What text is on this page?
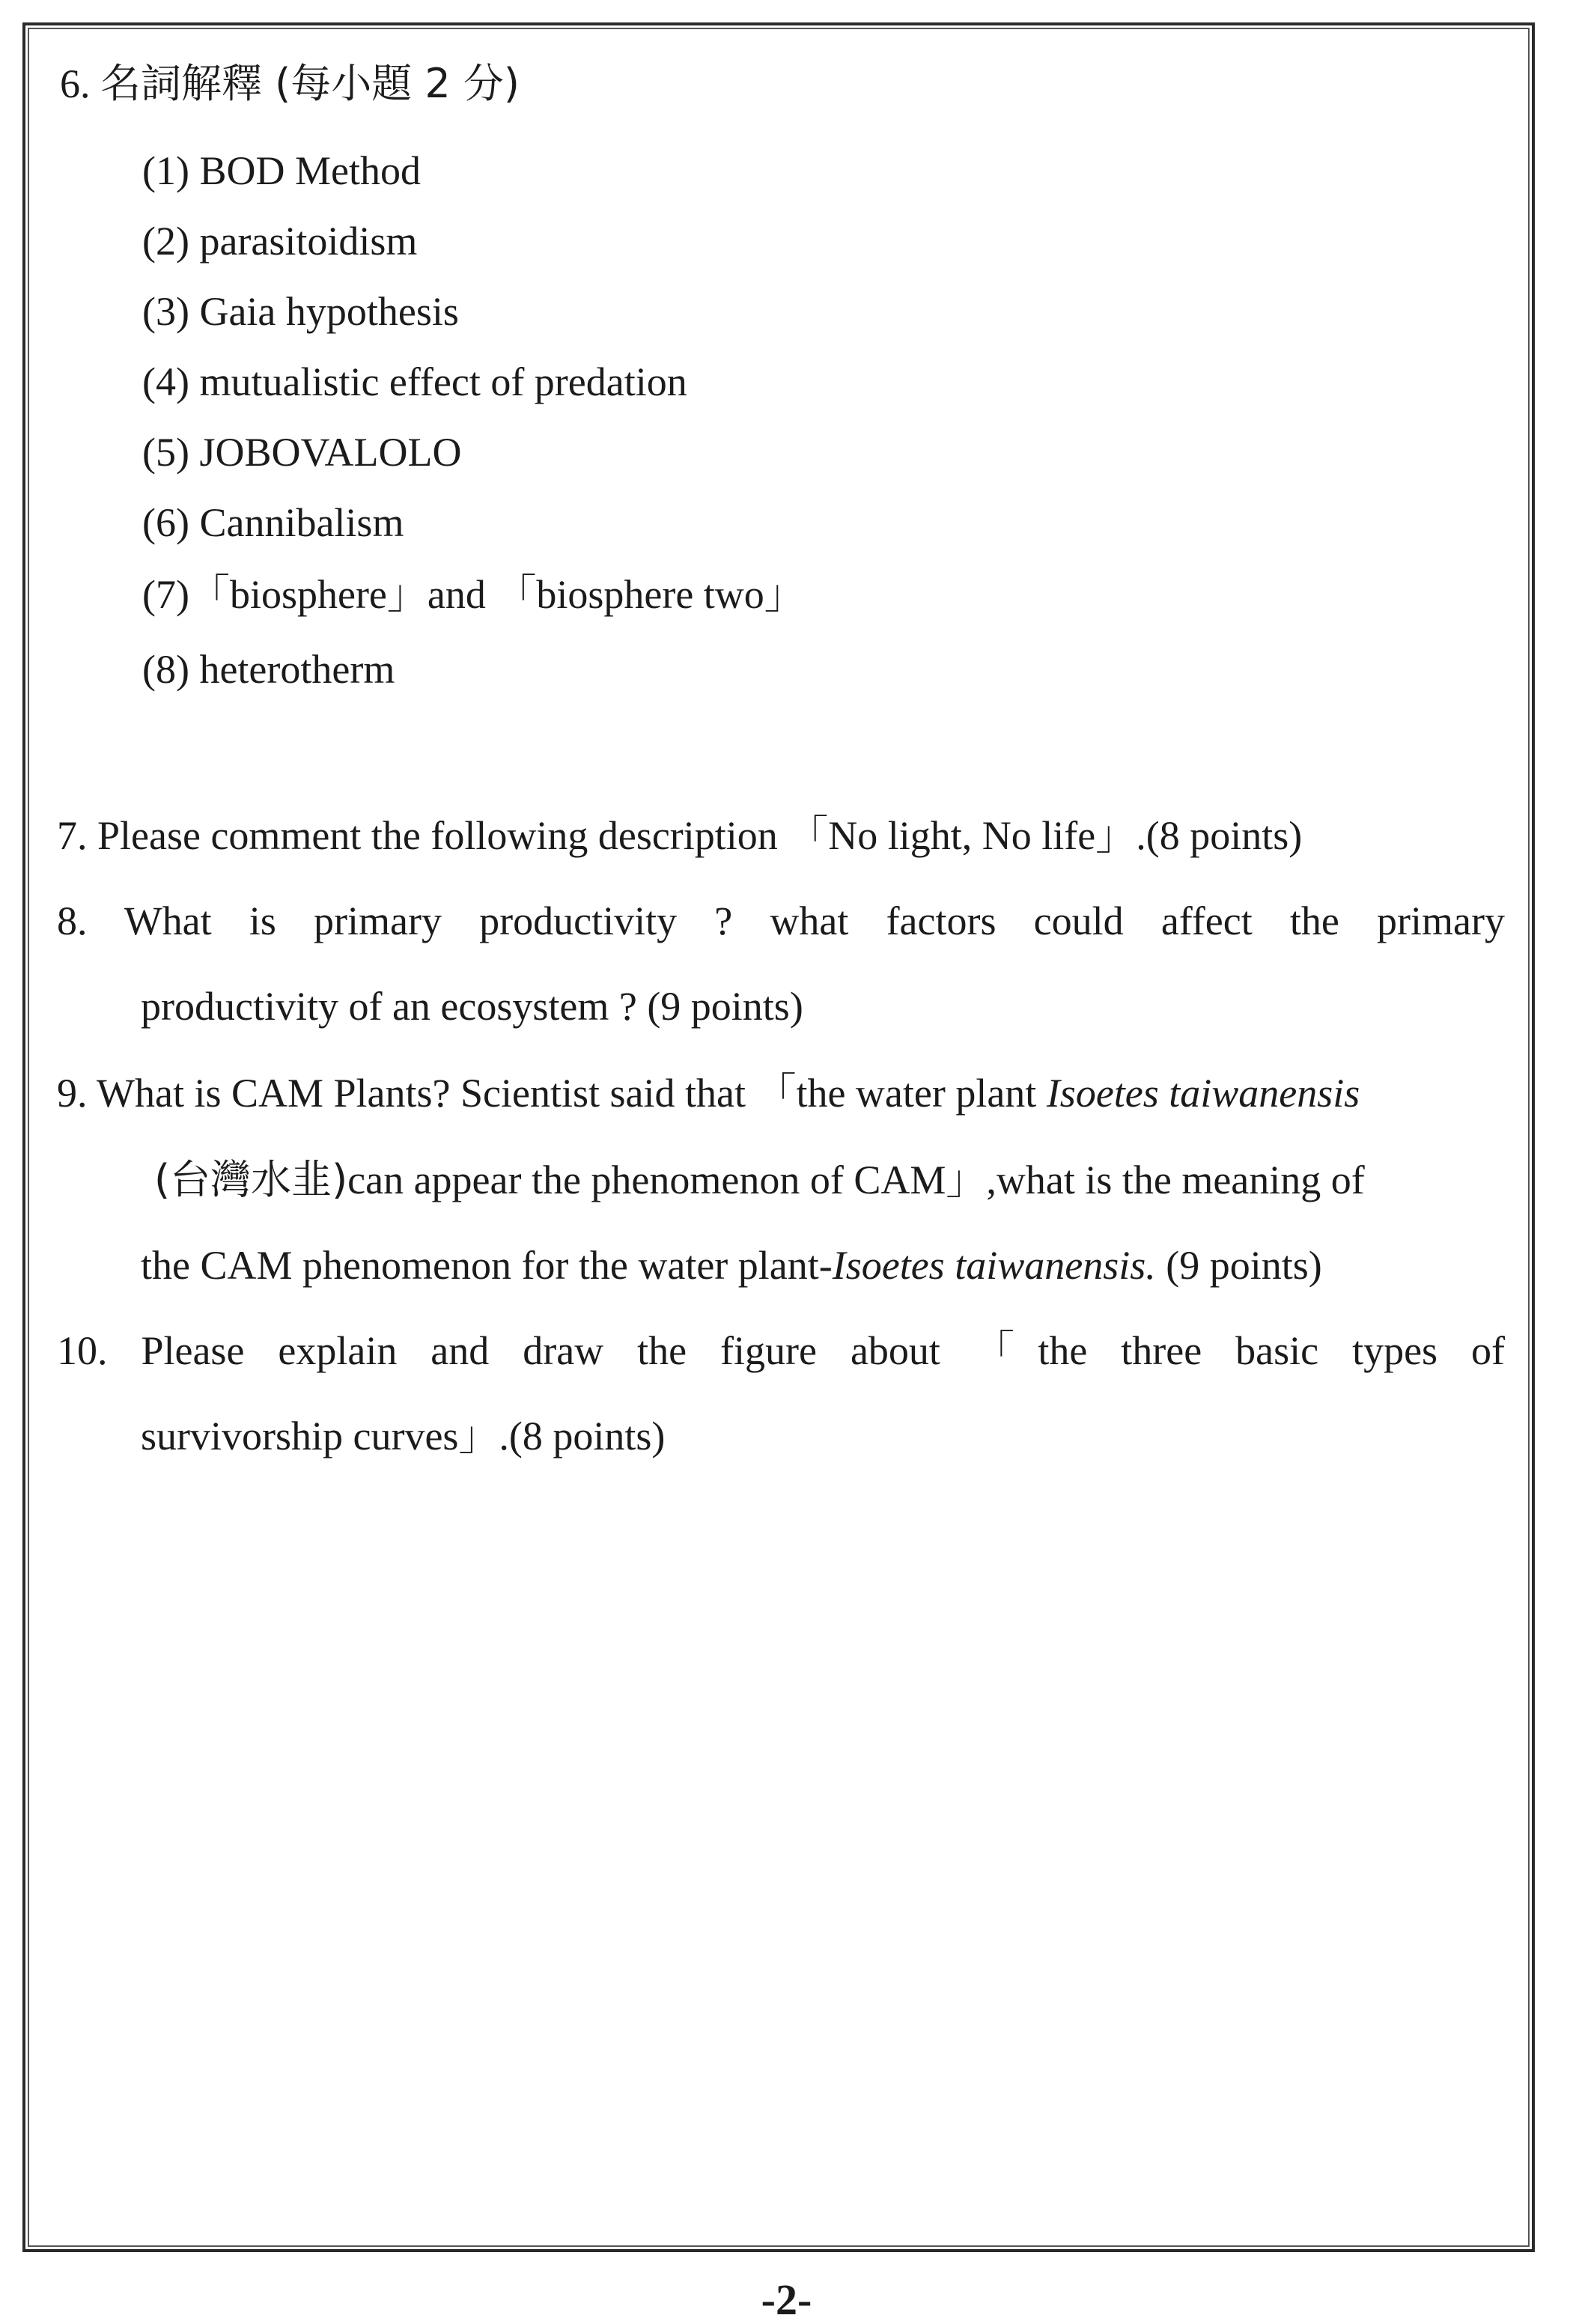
6. 名詞解釋 (每小題 2 分)
(1) BOD Method
(2) parasitoidism
(3) Gaia hypothesis
(4) mutualistic effect of predation
(5) JOBOVALOLO
(6) Cannibalism
(7)「biosphere」and 「biosphere two」
(8) heterotherm
7. Please comment the following description 「No light, No life」.(8 points)
8. What is primary productivity ? what factors could affect the primary
productivity of an ecosystem ? (9 points)
9. What is CAM Plants? Scientist said that 「the water plant Isoetes taiwanensis
(台灣水韭)can appear the phenomenon of CAM」,what is the meaning of
the CAM phenomenon for the water plant-Isoetes taiwanensis. (9 points)
10. Please explain and draw the figure about 「the three basic types of
survivorship curves」.(8 points)
-2-
